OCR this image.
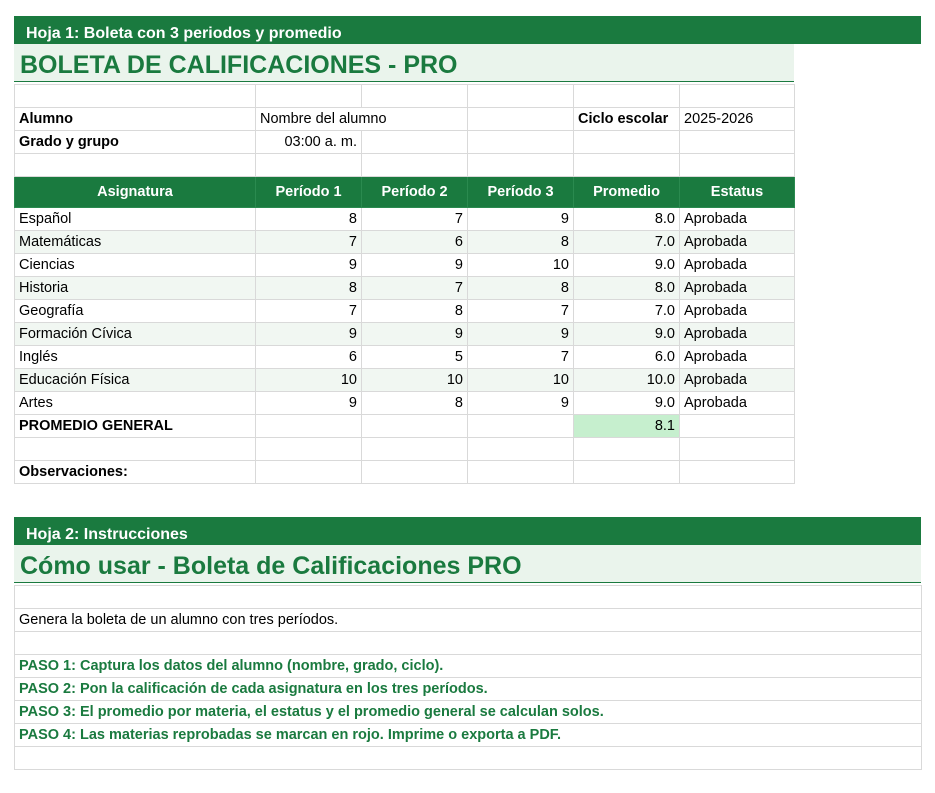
Hoja 1: Boleta con 3 periodos y promedio
BOLETA DE CALIFICACIONES - PRO

Alumno	Nombre del alumno			Ciclo escolar	2025-2026
Grado y grupo	03:00 a. m.				

Asignatura	Período 1	Período 2	Período 3	Promedio	Estatus
Español	8	7	9	8.0	Aprobada
Matemáticas	7	6	8	7.0	Aprobada
Ciencias	9	9	10	9.0	Aprobada
Historia	8	7	8	8.0	Aprobada
Geografía	7	8	7	7.0	Aprobada
Formación Cívica	9	9	9	9.0	Aprobada
Inglés	6	5	7	6.0	Aprobada
Educación Física	10	10	10	10.0	Aprobada
Artes	9	8	9	9.0	Aprobada
PROMEDIO GENERAL				8.1	

Observaciones:					
Hoja 2: Instrucciones
Cómo usar - Boleta de Calificaciones PRO

Genera la boleta de un alumno con tres períodos.

PASO 1: Captura los datos del alumno (nombre, grado, ciclo).
PASO 2: Pon la calificación de cada asignatura en los tres períodos.
PASO 3: El promedio por materia, el estatus y el promedio general se calculan solos.
PASO 4: Las materias reprobadas se marcan en rojo. Imprime o exporta a PDF.
